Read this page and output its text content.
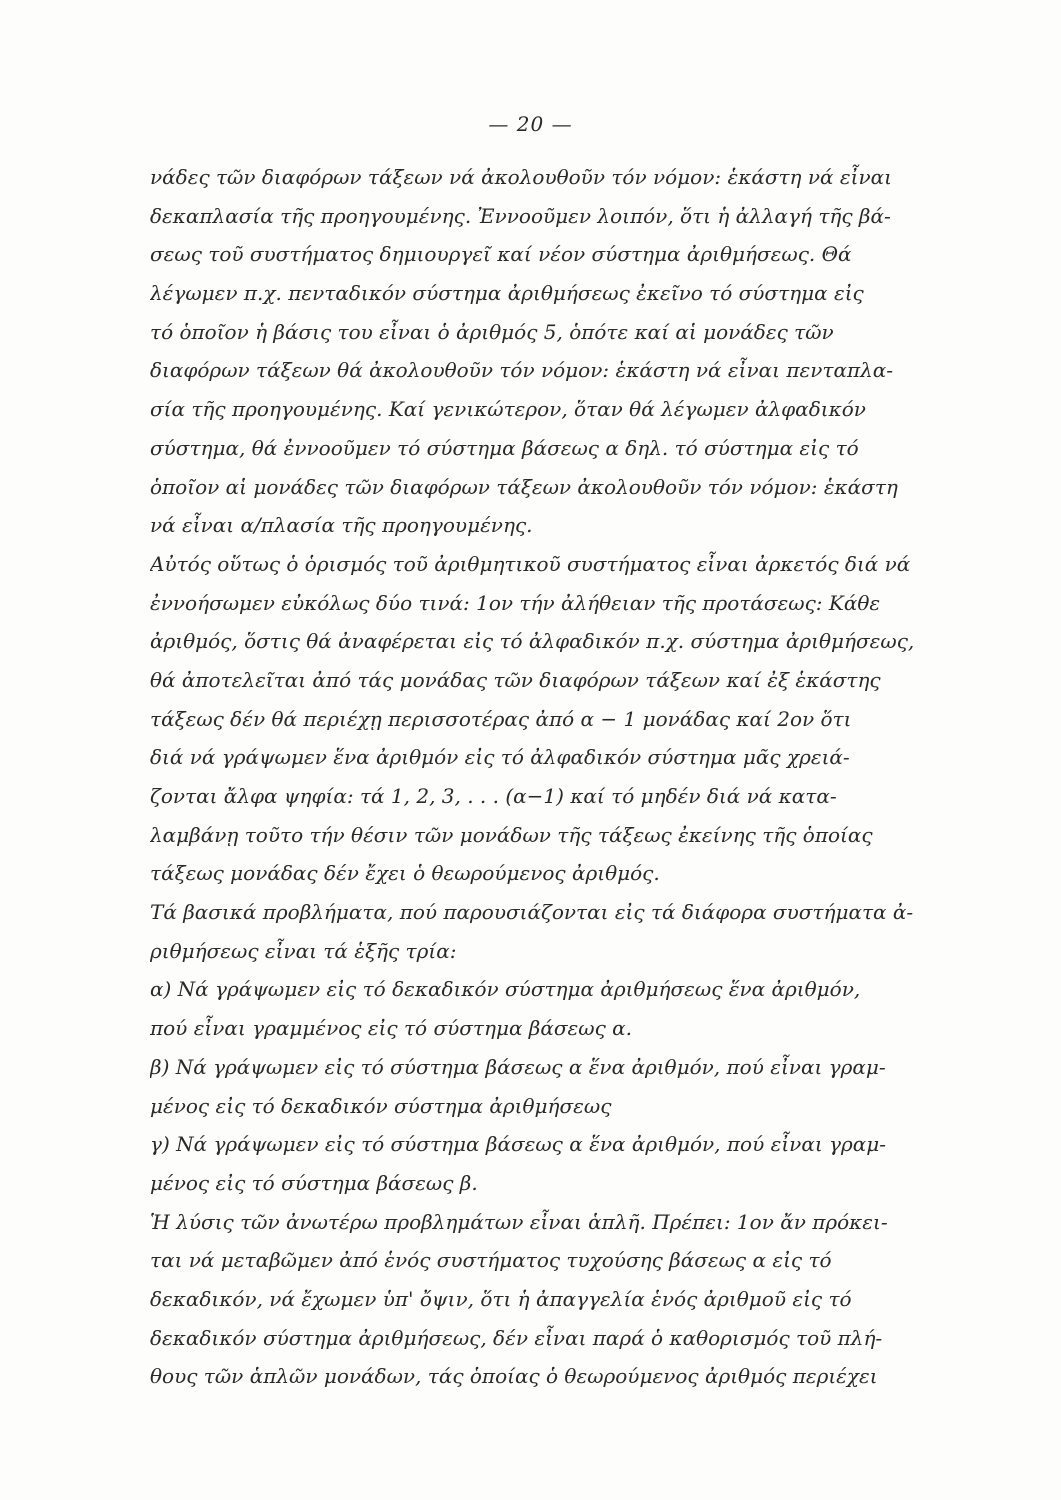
— 20 —
νάδες τῶν διαφόρων τάξεων νά ἀκολουθοῦν τόν νόμον: ἑκάστη νά εἶναι
δεκαπλασία τῆς προηγουμένης. Ἐννοοῦμεν λοιπόν, ὅτι ἡ ἀλλαγή τῆς βά-
σεως τοῦ συστήματος δημιουργεῖ καί νέον σύστημα ἀριθμήσεως. Θά
λέγωμεν π.χ. πενταδικόν σύστημα ἀριθμήσεως ἐκεῖνο τό σύστημα εἰς
τό ὁποῖον ἡ βάσις του εἶναι ὁ ἀριθμός 5, ὁπότε καί αἱ μονάδες τῶν
διαφόρων τάξεων θά ἀκολουθοῦν τόν νόμον: ἑκάστη νά εἶναι πενταπλα-
σία τῆς προηγουμένης. Καί γενικώτερον, ὅταν θά λέγωμεν ἀλφαδικόν
σύστημα, θά ἐννοοῦμεν τό σύστημα βάσεως α δηλ. τό σύστημα εἰς τό
ὁποῖον αἱ μονάδες τῶν διαφόρων τάξεων ἀκολουθοῦν τόν νόμον: ἑκάστη
νά εἶναι α/πλασία τῆς προηγουμένης.
Αὐτός οὕτως ὁ ὁρισμός τοῦ ἀριθμητικοῦ συστήματος εἶναι ἀρκετός διά νά
ἐννοήσωμεν εὐκόλως δύο τινά: 1ον τήν ἀλήθειαν τῆς προτάσεως: Κάθε
ἀριθμός, ὅστις θά ἀναφέρεται εἰς τό ἀλφαδικόν π.χ. σύστημα ἀριθμήσεως,
θά ἀποτελεῖται ἀπό τάς μονάδας τῶν διαφόρων τάξεων καί ἐξ ἑκάστης
τάξεως δέν θά περιέχῃ περισσοτέρας ἀπό α − 1 μονάδας καί 2ον ὅτι
διά νά γράψωμεν ἕνα ἀριθμόν εἰς τό ἀλφαδικόν σύστημα μᾶς χρειά-
ζονται ἄλφα ψηφία: τά 1, 2, 3, . . . (α−1) καί τό μηδέν διά νά κατα-
λαμβάνῃ τοῦτο τήν θέσιν τῶν μονάδων τῆς τάξεως ἐκείνης τῆς ὁποίας
τάξεως μονάδας δέν ἔχει ὁ θεωρούμενος ἀριθμός.
Τά βασικά προβλήματα, πού παρουσιάζονται εἰς τά διάφορα συστήματα ἀ-
ριθμήσεως εἶναι τά ἑξῆς τρία:
α) Νά γράψωμεν εἰς τό δεκαδικόν σύστημα ἀριθμήσεως ἕνα ἀριθμόν,
πού εἶναι γραμμένος εἰς τό σύστημα βάσεως α.
β) Νά γράψωμεν εἰς τό σύστημα βάσεως α ἕνα ἀριθμόν, πού εἶναι γραμ-
μένος εἰς τό δεκαδικόν σύστημα ἀριθμήσεως
γ) Νά γράψωμεν εἰς τό σύστημα βάσεως α ἕνα ἀριθμόν, πού εἶναι γραμ-
μένος εἰς τό σύστημα βάσεως β.
Ἡ λύσις τῶν ἀνωτέρω προβλημάτων εἶναι ἁπλῆ. Πρέπει: 1ον ἄν πρόκει-
ται νά μεταβῶμεν ἀπό ἑνός συστήματος τυχούσης βάσεως α εἰς τό
δεκαδικόν, νά ἔχωμεν ὑπ' ὄψιν, ὅτι ἡ ἀπαγγελία ἑνός ἀριθμοῦ εἰς τό
δεκαδικόν σύστημα ἀριθμήσεως, δέν εἶναι παρά ὁ καθορισμός τοῦ πλή-
θους τῶν ἁπλῶν μονάδων, τάς ὁποίας ὁ θεωρούμενος ἀριθμός περιέχει
